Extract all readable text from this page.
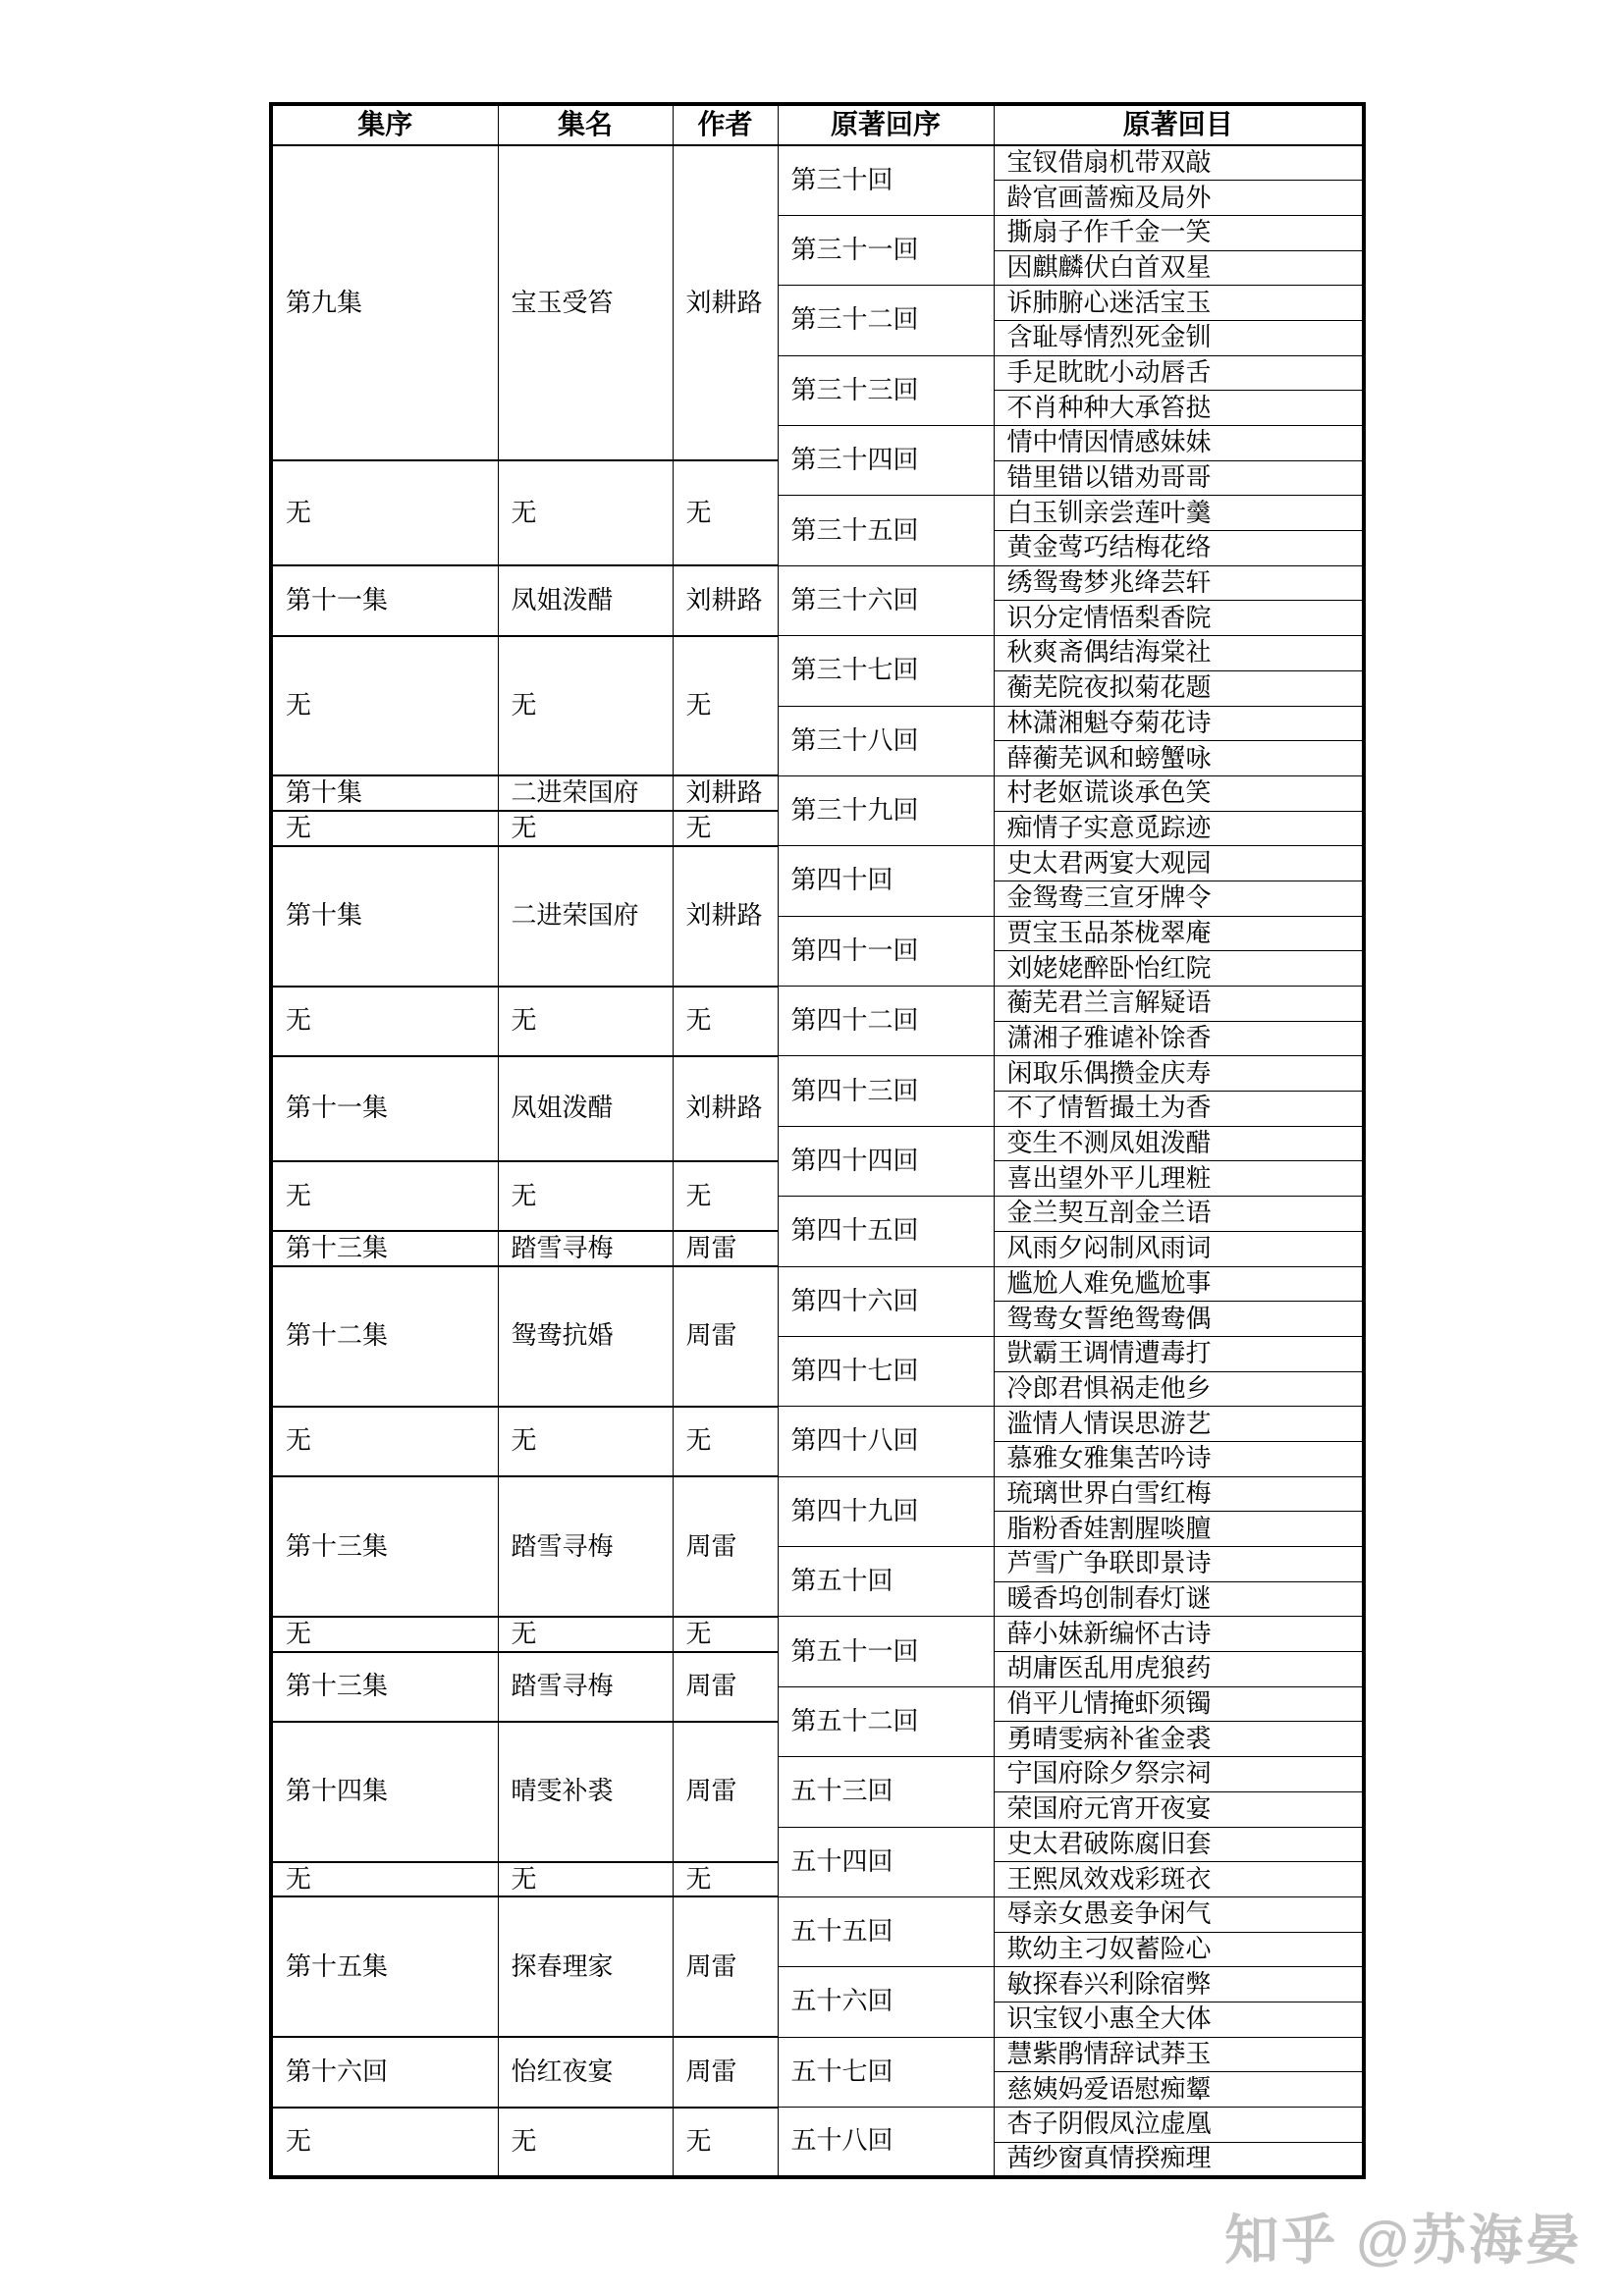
集序	集名	作者	原著回序	原著回目
第九集	宝玉受笞	刘耕路	第三十回	宝钗借扇机带双敲
				龄官画蔷痴及局外
			第三十一回	撕扇子作千金一笑
				因麒麟伏白首双星
			第三十二回	诉肺腑心迷活宝玉
				含耻辱情烈死金钏
			第三十三回	手足眈眈小动唇舌
				不肖种种大承笞挞
			第三十四回	情中情因情感妹妹
无	无	无		错里错以错劝哥哥
			第三十五回	白玉钏亲尝莲叶羹
				黄金莺巧结梅花络
第十一集	凤姐泼醋	刘耕路	第三十六回	绣鸳鸯梦兆绛芸轩
				识分定情悟梨香院
无	无	无	第三十七回	秋爽斋偶结海棠社
				蘅芜院夜拟菊花题
			第三十八回	林潇湘魁夺菊花诗
				薛蘅芜讽和螃蟹咏
第十集	二进荣国府	刘耕路	第三十九回	村老妪谎谈承色笑
无	无	无		痴情子实意觅踪迹
第十集	二进荣国府	刘耕路	第四十回	史太君两宴大观园
				金鸳鸯三宣牙牌令
			第四十一回	贾宝玉品茶栊翠庵
				刘姥姥醉卧怡红院
无	无	无	第四十二回	蘅芜君兰言解疑语
				潇湘子雅谑补馀香
第十一集	凤姐泼醋	刘耕路	第四十三回	闲取乐偶攒金庆寿
				不了情暂撮土为香
			第四十四回	变生不测凤姐泼醋
无	无	无		喜出望外平儿理粧
			第四十五回	金兰契互剖金兰语
第十三集	踏雪寻梅	周雷		风雨夕闷制风雨词
第十二集	鸳鸯抗婚	周雷	第四十六回	尴尬人难免尴尬事
				鸳鸯女誓绝鸳鸯偶
			第四十七回	獃霸王调情遭毒打
				冷郎君惧祸走他乡
无	无	无	第四十八回	滥情人情误思游艺
				慕雅女雅集苦吟诗
第十三集	踏雪寻梅	周雷	第四十九回	琉璃世界白雪红梅
				脂粉香娃割腥啖膻
			第五十回	芦雪广争联即景诗
				暖香坞创制春灯谜
无	无	无	第五十一回	薛小妹新编怀古诗
第十三集	踏雪寻梅	周雷		胡庸医乱用虎狼药
			第五十二回	俏平儿情掩虾须镯
第十四集	晴雯补裘	周雷		勇晴雯病补雀金裘
			五十三回	宁国府除夕祭宗祠
				荣国府元宵开夜宴
			五十四回	史太君破陈腐旧套
无	无	无		王熙凤效戏彩斑衣
第十五集	探春理家	周雷	五十五回	辱亲女愚妾争闲气
				欺幼主刁奴蓄险心
			五十六回	敏探春兴利除宿弊
				识宝钗小惠全大体
第十六回	怡红夜宴	周雷	五十七回	慧紫鹃情辞试莽玉
				慈姨妈爱语慰痴颦
无	无	无	五十八回	杏子阴假凤泣虚凰
				茜纱窗真情揆痴理
知乎 @苏海晏
